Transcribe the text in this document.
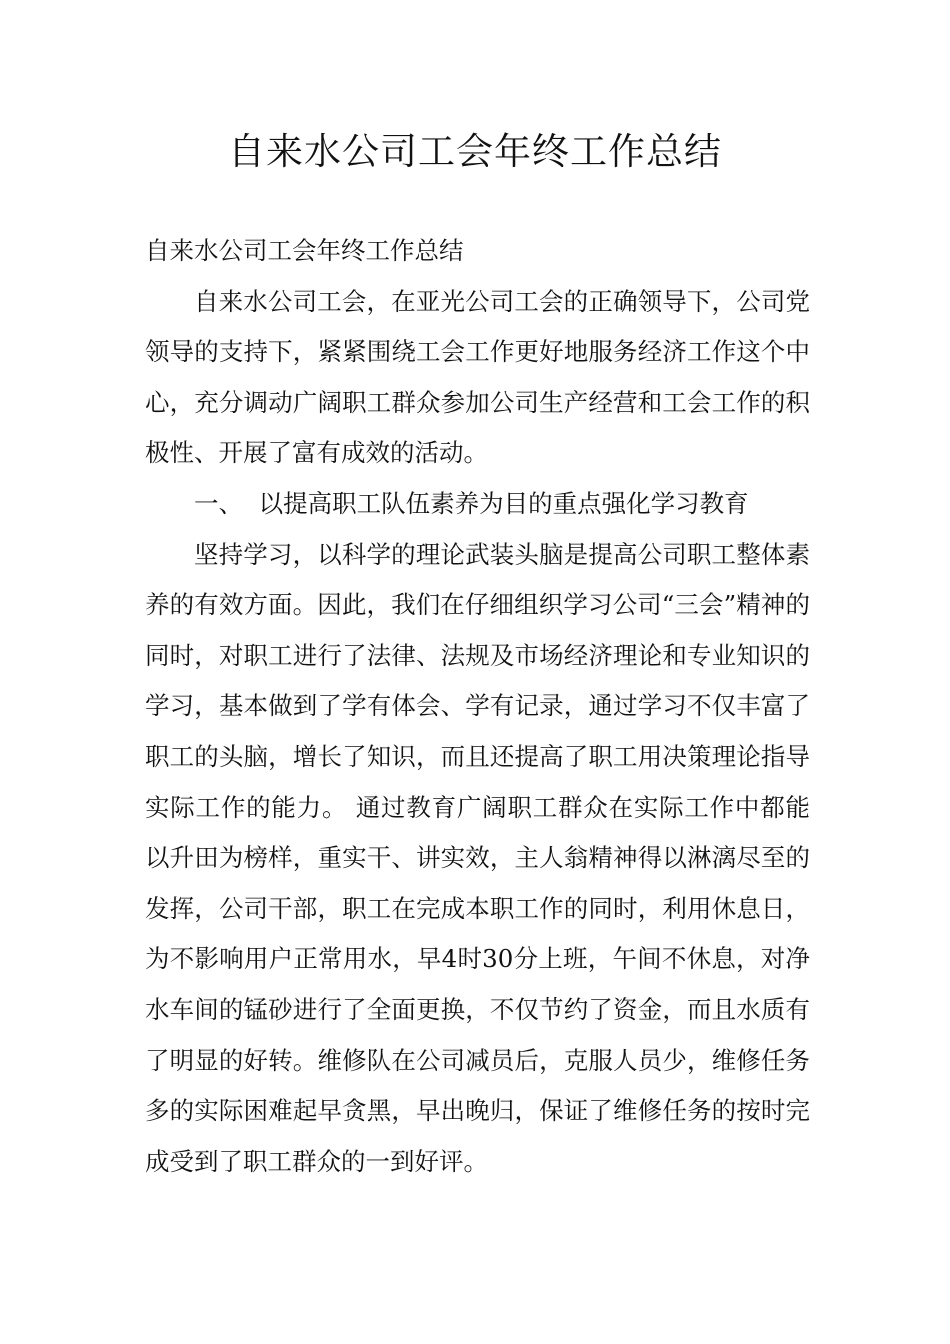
自来水公司工会年终工作总结

自来水公司工会年终工作总结

自来水公司工会，在亚光公司工会的正确领导下，公司党领导的支持下，紧紧围绕工会工作更好地服务经济工作这个中心，充分调动广阔职工群众参加公司生产经营和工会工作的积极性、开展了富有成效的活动。

一、  以提高职工队伍素养为目的重点强化学习教育

坚持学习，以科学的理论武装头脑是提高公司职工整体素养的有效方面。因此，我们在仔细组织学习公司“三会”精神的同时，对职工进行了法律、法规及市场经济理论和专业知识的学习，基本做到了学有体会、学有记录，通过学习不仅丰富了职工的头脑，增长了知识，而且还提高了职工用决策理论指导实际工作的能力。 通过教育广阔职工群众在实际工作中都能以升田为榜样，重实干、讲实效，主人翁精神得以淋漓尽至的发挥，公司干部，职工在完成本职工作的同时，利用休息日，为不影响用户正常用水，早4时30分上班，午间不休息，对净水车间的锰砂进行了全面更换，不仅节约了资金，而且水质有了明显的好转。维修队在公司减员后，克服人员少，维修任务多的实际困难起早贪黑，早出晚归，保证了维修任务的按时完成受到了职工群众的一到好评。
